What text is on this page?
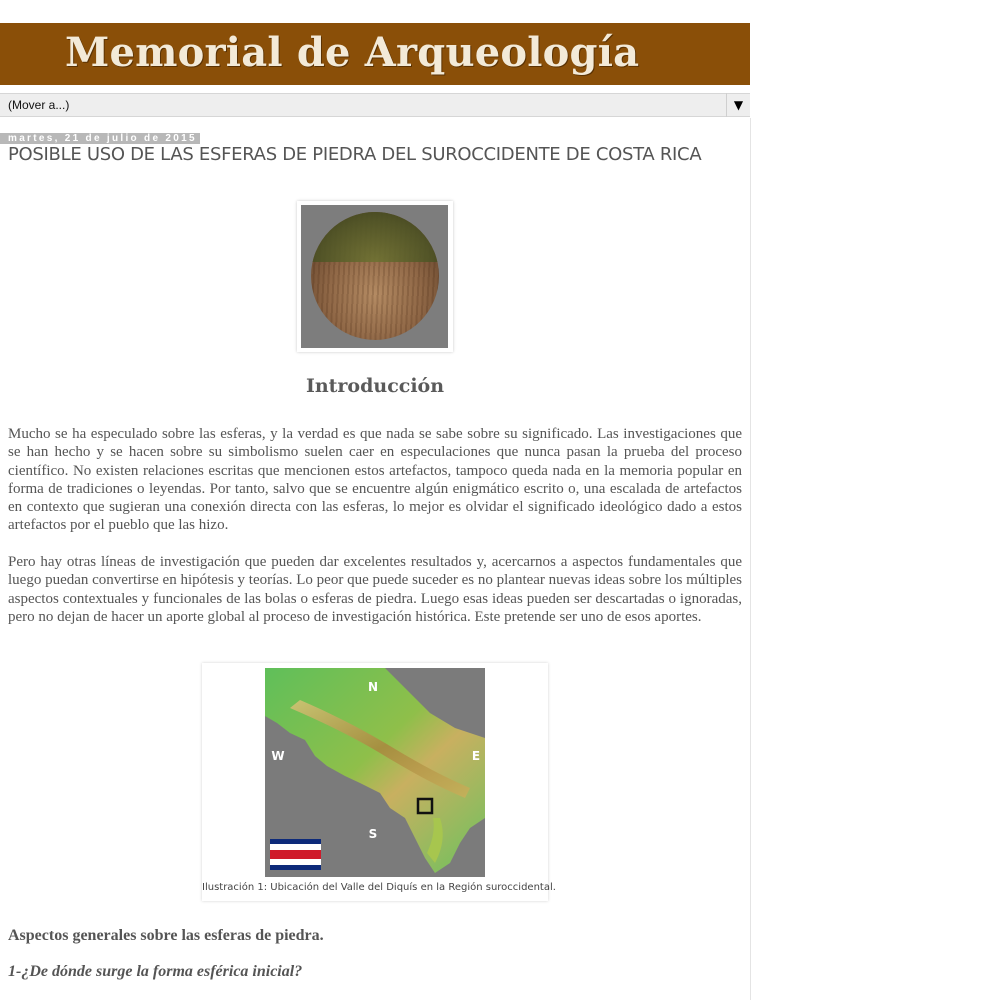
Memorial de Arqueología
(Mover a...)	▼
martes, 21 de julio de 2015
POSIBLE USO DE LAS ESFERAS DE PIEDRA DEL SUROCCIDENTE DE COSTA RICA
Introducción

Mucho se ha especulado sobre las esferas, y la verdad es que nada se sabe sobre su significado. Las investigaciones que se han hecho y se hacen sobre su simbolismo suelen caer en especulaciones que nunca pasan la prueba del proceso científico. No existen relaciones escritas que mencionen estos artefactos, tampoco queda nada en la memoria popular en forma de tradiciones o leyendas. Por tanto, salvo que se encuentre algún enigmático escrito o, una escalada de artefactos en contexto que sugieran una conexión directa con las esferas, lo mejor es olvidar el significado ideológico dado a estos artefactos por el pueblo que las hizo.

Pero hay otras líneas de investigación que pueden dar excelentes resultados y, acercarnos a aspectos fundamentales que luego puedan convertirse en hipótesis y teorías. Lo peor que puede suceder es no plantear nuevas ideas sobre los múltiples aspectos contextuales y funcionales de las bolas o esferas de piedra. Luego esas ideas pueden ser descartadas o ignoradas, pero no dejan de hacer un aporte global al proceso de investigación histórica. Este pretende ser uno de esos aportes.

N
W	E
S
Ilustración 1: Ubicación del Valle del Diquís en la Región suroccidental.
Aspectos generales sobre las esferas de piedra.
1-¿De dónde surge la forma esférica inicial?
